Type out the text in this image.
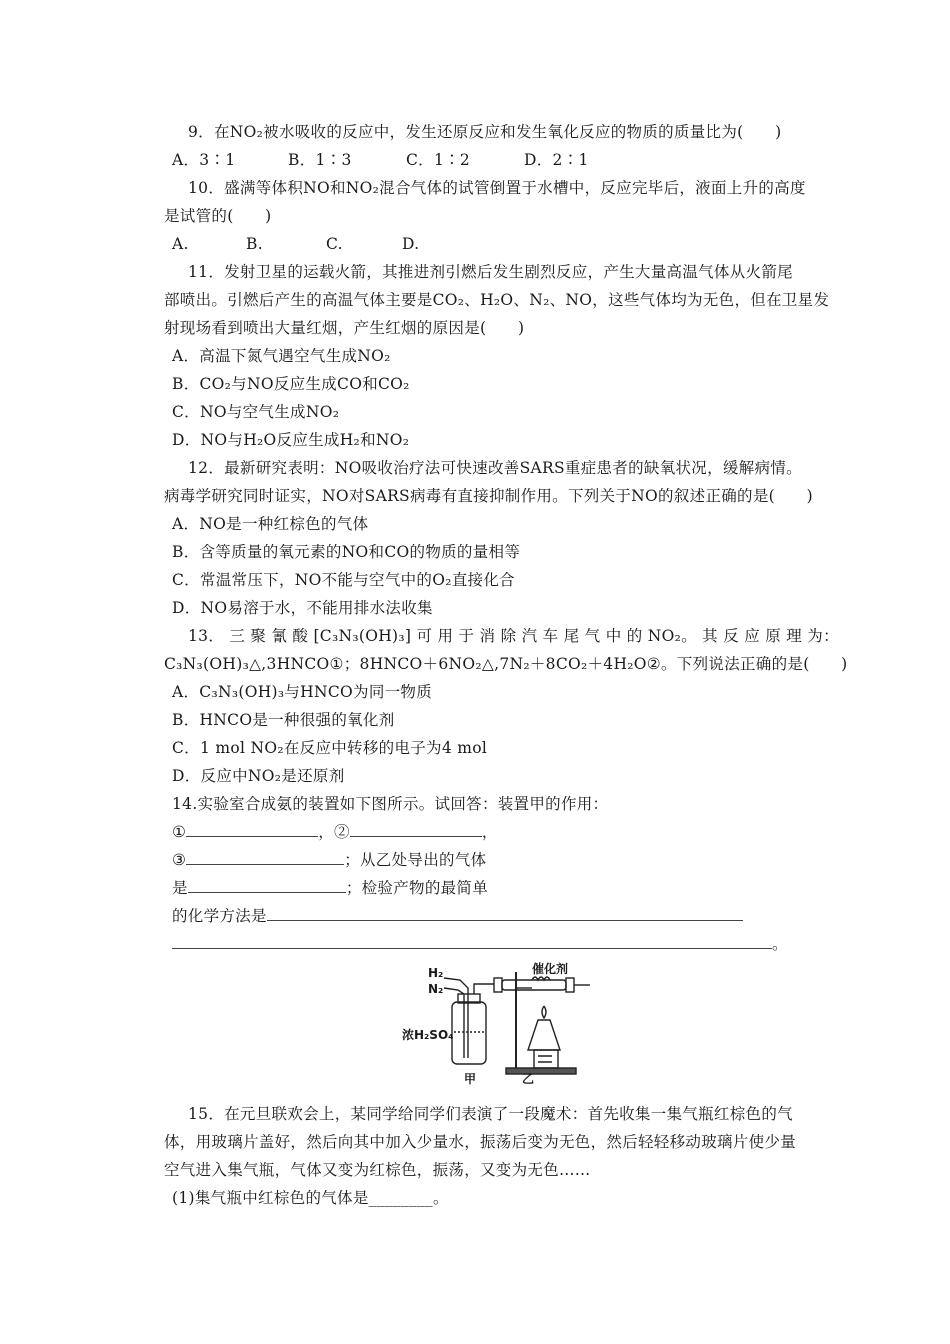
9．在NO₂被水吸收的反应中，发生还原反应和发生氧化反应的物质的质量比为(　　)
A．3∶1	B．1∶3	C．1∶2	D．2∶1
10．盛满等体积NO和NO₂混合气体的试管倒置于水槽中，反应完毕后，液面上升的高度
是试管的(　　)
A.	B.	C.	D.
11．发射卫星的运载火箭，其推进剂引燃后发生剧烈反应，产生大量高温气体从火箭尾
部喷出。引燃后产生的高温气体主要是CO₂、H₂O、N₂、NO，这些气体均为无色，但在卫星发
射现场看到喷出大量红烟，产生红烟的原因是(　　)
A．高温下氮气遇空气生成NO₂
B．CO₂与NO反应生成CO和CO₂
C．NO与空气生成NO₂
D．NO与H₂O反应生成H₂和NO₂
12．最新研究表明：NO吸收治疗法可快速改善SARS重症患者的缺氧状况，缓解病情。
病毒学研究同时证实，NO对SARS病毒有直接抑制作用。下列关于NO的叙述正确的是(　　)
A．NO是一种红棕色的气体
B．含等质量的氧元素的NO和CO的物质的量相等
C．常温常压下，NO不能与空气中的O₂直接化合
D．NO易溶于水，不能用排水法收集
13． 三 聚 氰 酸 [C₃N₃(OH)₃] 可 用 于 消 除 汽 车 尾 气 中 的 NO₂。 其 反 应 原 理 为：
C₃N₃(OH)₃△,3HNCO①；8HNCO＋6NO₂△,7N₂＋8CO₂＋4H₂O②。下列说法正确的是(　　)
A．C₃N₃(OH)₃与HNCO为同一物质
B．HNCO是一种很强的氧化剂
C．1 mol NO₂在反应中转移的电子为4 mol
D．反应中NO₂是还原剂
14.实验室合成氨的装置如下图所示。试回答：装置甲的作用：
①	，②	，
③	；从乙处导出的气体
是	；检验产物的最简单
的化学方法是
。
H₂
N₂
浓H₂SO₄
催化剂
甲	乙
15．在元旦联欢会上，某同学给同学们表演了一段魔术：首先收集一集气瓶红棕色的气
体，用玻璃片盖好，然后向其中加入少量水，振荡后变为无色，然后轻轻移动玻璃片使少量
空气进入集气瓶，气体又变为红棕色，振荡，又变为无色……
(1)集气瓶中红棕色的气体是________。
